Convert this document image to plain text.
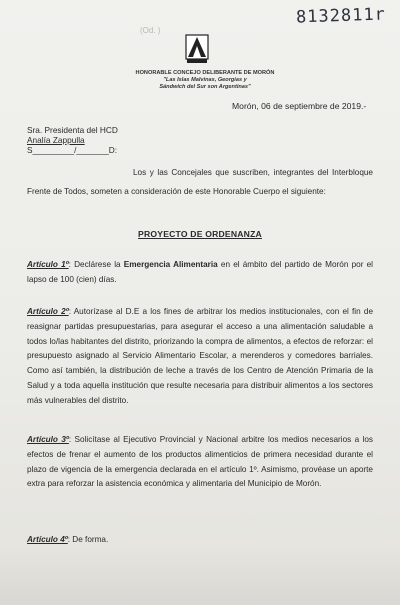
8132811r
(Od. )
HONORABLE CONCEJO DELIBERANTE DE MORÓN
"Las Islas Malvinas, Georgias y
Sándwich del Sur son Argentinas"
Morón, 06 de septiembre de 2019.-
Sra. Presidenta del HCD
Analía Zappulla
S_________/_______D:
Los y las Concejales que suscriben, integrantes del Interbloque Frente de Todos, someten a consideración de este Honorable Cuerpo el siguiente:
PROYECTO DE ORDENANZA
Artículo 1º: Declárese la Emergencia Alimentaria en el ámbito del partido de Morón por el lapso de 100 (cien) días.
Artículo 2º: Autorízase al D.E a los fines de arbitrar los medios institucionales, con el fin de reasignar partidas presupuestarias, para asegurar el acceso a una alimentación saludable a todos lo/las habitantes del distrito, priorizando la compra de alimentos, a efectos de reforzar: el presupuesto asignado al Servicio Alimentario Escolar, a merenderos y comedores barriales. Como así también, la distribución de leche a través de los Centro de Atención Primaria de la Salud y a toda aquella institución que resulte necesaria para distribuir alimentos a los sectores más vulnerables del distrito.
Artículo 3º: Solicítase al Ejecutivo Provincial y Nacional arbitre los medios necesarios a los efectos de frenar el aumento de los productos alimenticios de primera necesidad durante el plazo de vigencia de la emergencia declarada en el artículo 1º. Asimismo, provéase un aporte extra para reforzar la asistencia económica y alimentaria del Municipio de Morón.
Artículo 4º: De forma.
